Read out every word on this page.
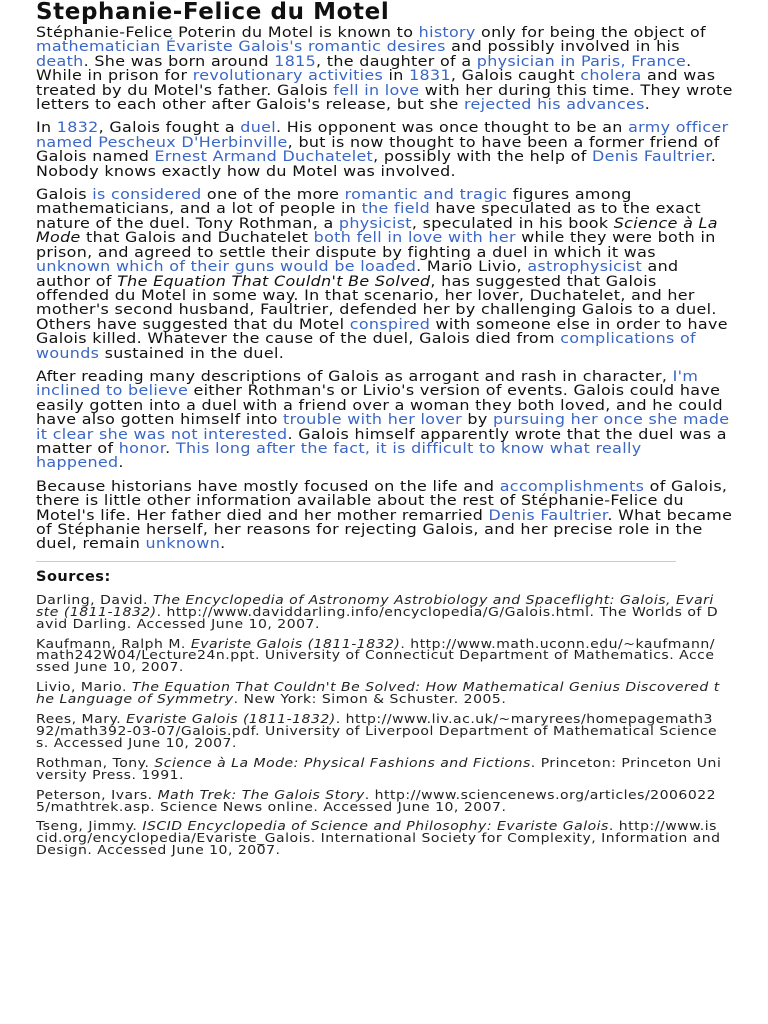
Stephanie-Felice du Motel

Stéphanie-Felice Poterin du Motel is known to history only for being the object of mathematician Évariste Galois's romantic desires and possibly involved in his death. She was born around 1815, the daughter of a physician in Paris, France. While in prison for revolutionary activities in 1831, Galois caught cholera and was treated by du Motel's father. Galois fell in love with her during this time. They wrote letters to each other after Galois's release, but she rejected his advances.

In 1832, Galois fought a duel. His opponent was once thought to be an army officer named Pescheux D'Herbinville, but is now thought to have been a former friend of Galois named Ernest Armand Duchatelet, possibly with the help of Denis Faultrier. Nobody knows exactly how du Motel was involved.

Galois is considered one of the more romantic and tragic figures among mathematicians, and a lot of people in the field have speculated as to the exact nature of the duel. Tony Rothman, a physicist, speculated in his book Science à La Mode that Galois and Duchatelet both fell in love with her while they were both in prison, and agreed to settle their dispute by fighting a duel in which it was unknown which of their guns would be loaded. Mario Livio, astrophysicist and author of The Equation That Couldn't Be Solved, has suggested that Galois offended du Motel in some way. In that scenario, her lover, Duchatelet, and her mother's second husband, Faultrier, defended her by challenging Galois to a duel. Others have suggested that du Motel conspired with someone else in order to have Galois killed. Whatever the cause of the duel, Galois died from complications of wounds sustained in the duel.

After reading many descriptions of Galois as arrogant and rash in character, I'm inclined to believe either Rothman's or Livio's version of events. Galois could have easily gotten into a duel with a friend over a woman they both loved, and he could have also gotten himself into trouble with her lover by pursuing her once she made it clear she was not interested. Galois himself apparently wrote that the duel was a matter of honor. This long after the fact, it is difficult to know what really happened.

Because historians have mostly focused on the life and accomplishments of Galois, there is little other information available about the rest of Stéphanie-Felice du Motel's life. Her father died and her mother remarried Denis Faultrier. What became of Stéphanie herself, her reasons for rejecting Galois, and her precise role in the duel, remain unknown.

Sources:
Darling, David. The Encyclopedia of Astronomy Astrobiology and Spaceflight: Galois, Evariste (1811-1832). http://www.daviddarling.info/encyclopedia/G/Galois.html. The Worlds of David Darling. Accessed June 10, 2007.
Kaufmann, Ralph M. Evariste Galois (1811-1832). http://www.math.uconn.edu/~kaufmann/math242W04/Lecture24n.ppt. University of Connecticut Department of Mathematics. Accessed June 10, 2007.
Livio, Mario. The Equation That Couldn't Be Solved: How Mathematical Genius Discovered the Language of Symmetry. New York: Simon & Schuster. 2005.
Rees, Mary. Evariste Galois (1811-1832). http://www.liv.ac.uk/~maryrees/homepagemath392/math392-03-07/Galois.pdf. University of Liverpool Department of Mathematical Sciences. Accessed June 10, 2007.
Rothman, Tony. Science à La Mode: Physical Fashions and Fictions. Princeton: Princeton University Press. 1991.
Peterson, Ivars. Math Trek: The Galois Story. http://www.sciencenews.org/articles/20060225/mathtrek.asp. Science News online. Accessed June 10, 2007.
Tseng, Jimmy. ISCID Encyclopedia of Science and Philosophy: Evariste Galois. http://www.iscid.org/encyclopedia/Evariste_Galois. International Society for Complexity, Information and Design. Accessed June 10, 2007.
